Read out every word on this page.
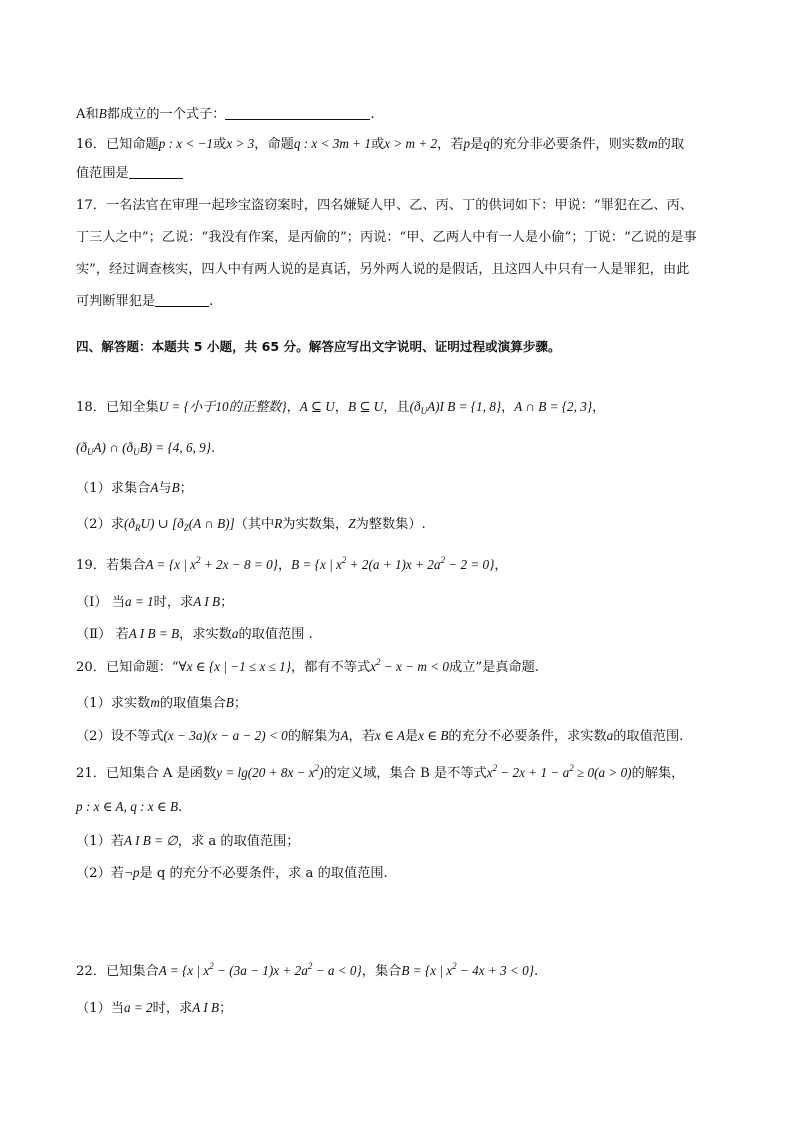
A和B都成立的一个式子：	.
16．已知命题p : x < −1或x > 3，命题q : x < 3m + 1或x > m + 2，若p是q的充分非必要条件，则实数m的取
值范围是
17．一名法官在审理一起珍宝盗窃案时，四名嫌疑人甲、乙、丙、丁的供词如下：甲说：“罪犯在乙、丙、
丁三人之中”；乙说：“我没有作案，是丙偷的”；丙说：“甲、乙两人中有一人是小偷”；丁说：“乙说的是事
实”，经过调查核实，四人中有两人说的是真话，另外两人说的是假话，且这四人中只有一人是罪犯，由此
可判断罪犯是	.
四、解答题：本题共 5 小题，共 65 分。解答应写出文字说明、证明过程或演算步骤。
18．已知全集U = {小于10的正整数}，A ⊆ U，B ⊆ U，且$(ð_UA)I$ B = {1, 8}，A ∩ B = {2, 3}，
$(ð_UA)$ ∩ $(ð_UB) = \{4$, 6, 9}.
（1）求集合A与B；
（2）求$(ð_RU)$ ∪ [$ð_Z(A$ ∩ B)]（其中R为实数集，Z为整数集）.
19．若集合A = {x | $x^2 + 2x - 8 = 0$}，B = {x | $x^2 + 2(a + 1)x + 2a^2 - 2 = 0$}，
（Ⅰ） 当a = 1时，求A I B；
（Ⅱ） 若A I B = B，求实数a的取值范围 .
20．已知命题：“∀x ∈ {x | −1 ≤ x ≤ 1}，都有不等式$x^2 - x - m < 0$成立”是真命题.
（1）求实数m的取值集合B；
（2）设不等式(x − 3a)(x − a − 2) < 0的解集为A，若x ∈ A是x ∈ B的充分不必要条件，求实数a的取值范围.
21．已知集合 A 是函数$y = \lg(20 + 8x - x^2)$的定义域，集合 B 是不等式$x^2 - 2x + 1 - a^2 \ge 0(a > 0)$的解集，
p : x ∈ A, q : x ∈ B.
（1）若A I B = ∅，求 a 的取值范围；
（2）若¬p是 q 的充分不必要条件，求 a 的取值范围.
22．已知集合A = {x | $x^2 - (3a - 1)x + 2a^2 - a < 0$}，集合B = {x | $x^2 - 4x + 3 < 0$}.
（1）当a = 2时，求A I B；
